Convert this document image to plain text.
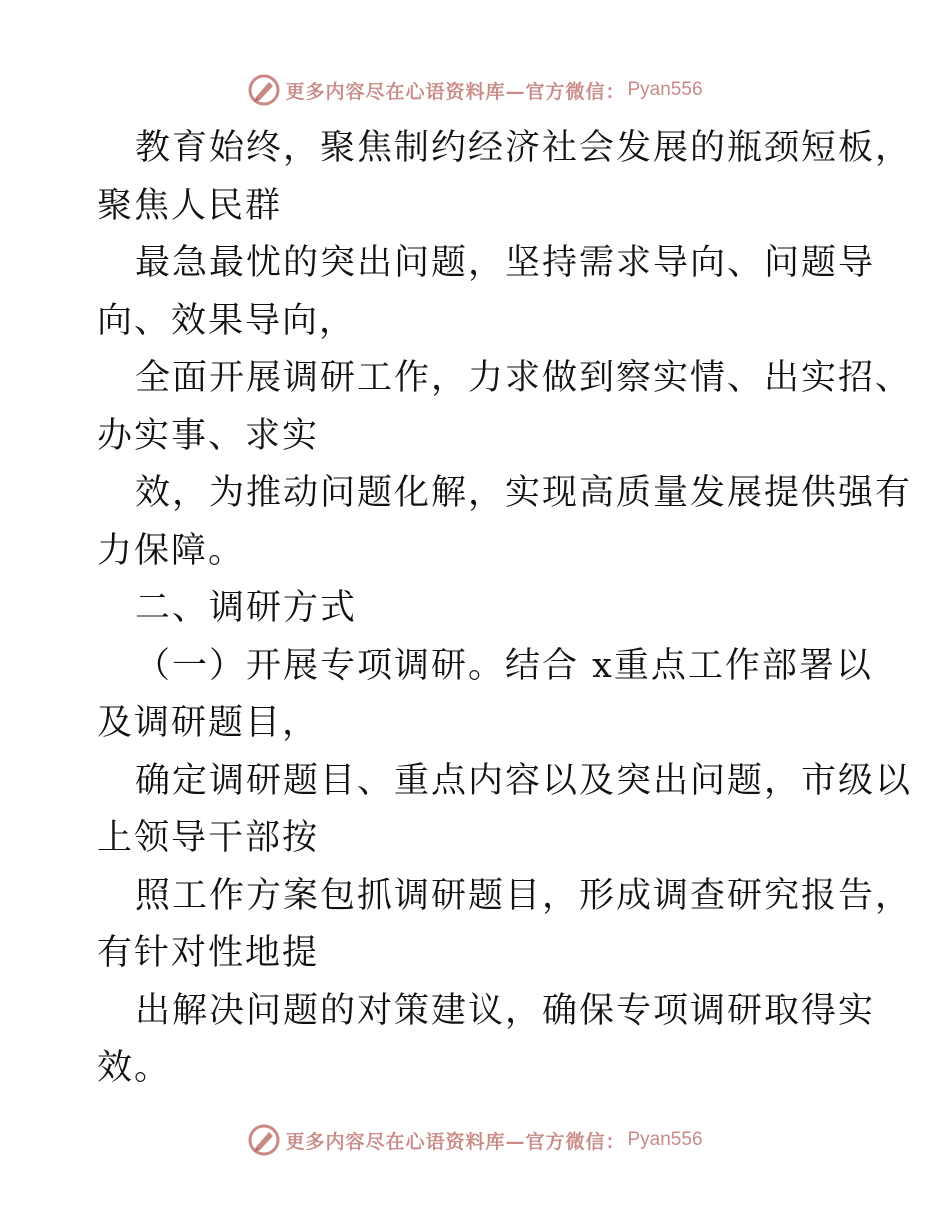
更多内容尽在心语资料库—官方微信： Pyan556
教育始终，聚焦制约经济社会发展的瓶颈短板，
聚焦人民群
最急最忧的突出问题，坚持需求导向、问题导
向、效果导向，
全面开展调研工作，力求做到察实情、出实招、
办实事、求实
效，为推动问题化解，实现高质量发展提供强有
力保障。
二、调研方式
（一）开展专项调研。结合 x重点工作部署以
及调研题目，
确定调研题目、重点内容以及突出问题，市级以
上领导干部按
照工作方案包抓调研题目，形成调查研究报告，
有针对性地提
出解决问题的对策建议，确保专项调研取得实
效。
更多内容尽在心语资料库—官方微信： Pyan556
